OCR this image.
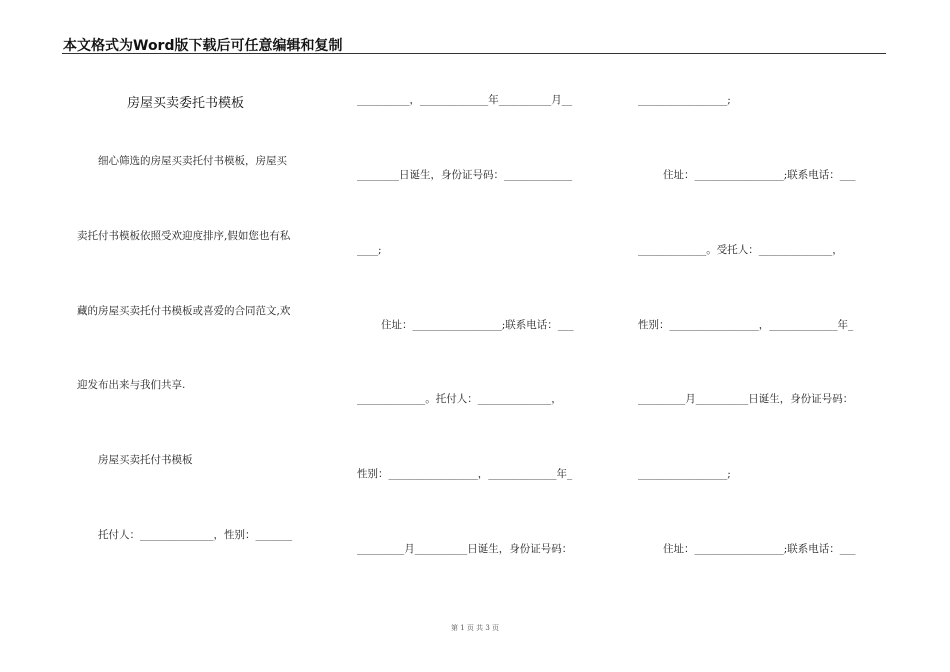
本文格式为Word版下载后可任意编辑和复制
房屋买卖委托书模板
细心筛选的房屋买卖托付书模板，房屋买
卖托付书模板依照受欢迎度排序,假如您也有私
藏的房屋买卖托付书模板或喜爱的合同范文,欢
迎发布出来与我们共享.
房屋买卖托付书模板
托付人：______________，性别：_______
__________，_____________年__________月__
________日诞生，身份证号码：_____________
____;
住址：_________________;联系电话：___
_____________。托付人：______________，
性别：_________________，_____________年_
_________月__________日诞生，身份证号码：
_________________;
住址：_________________;联系电话：___
_____________。受托人：______________，
性别：_________________，_____________年_
_________月__________日诞生，身份证号码：
_________________;
住址：_________________;联系电话：___
第 1 页 共 3 页
